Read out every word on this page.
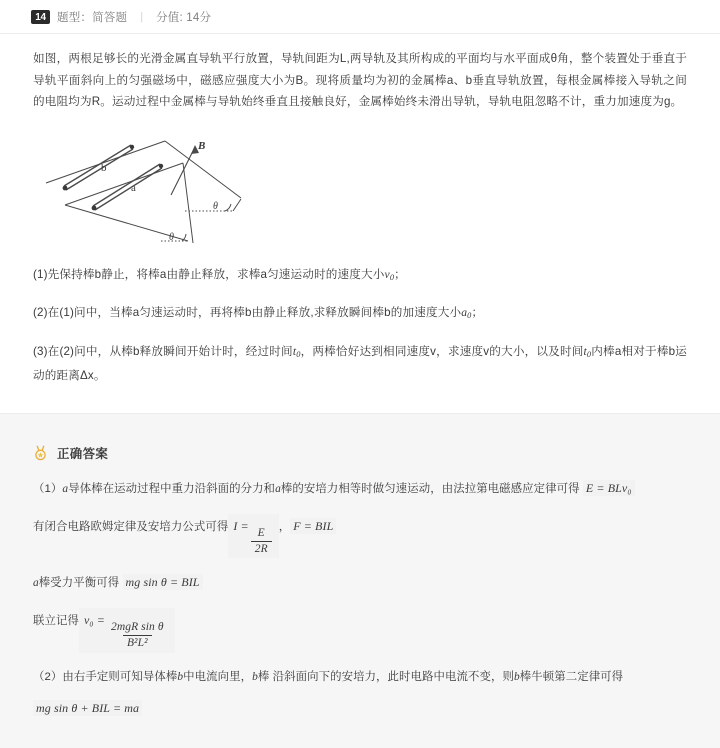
14 题型：简答题 | 分值: 14分
如图，两根足够长的光滑金属直导轨平行放置，导轨间距为L,两导轨及其所构成的平面均与水平面成θ角，整个装置处于垂直于导轨平面斜向上的匀强磁场中，磁感应强度大小为B。现将质量均为初的金属棒a、b垂直导轨放置，每根金属棒接入导轨之间的电阻均为R。运动过程中金属棒与导轨始终垂直且接触良好，金属棒始终未滑出导轨，导轨电阻忽略不计，重力加速度为g。
b
a
B
θ
θ
(1)先保持棒b静止，将棒a由静止释放，求棒a匀速运动时的速度大小$v_0$；
(2)在(1)问中，当棒a匀速运动时，再将棒b由静止释放,求释放瞬间棒b的加速度大小$a_0$；
(3)在(2)问中，从棒b释放瞬间开始计时，经过时间$t_0$，两棒恰好达到相同速度v，求速度v的大小，以及时间$t_0$内棒a相对于棒b运动的距离Δx。
正确答案
（1）a导体棒在运动过程中重力沿斜面的分力和a棒的安培力相等时做匀速运动，由法拉第电磁感应定律可得 E = BLv₀
有闭合电路欧姆定律及安培力公式可得 I =
$\frac{E}{2R}$ ， F = BIL
a棒受力平衡可得 mg sin θ = BIL
联立记得 v₀ =
$\frac{\text{2mgR sin θ}}{\text{B²L²}}$
（2）由右手定则可知导体棒b中电流向里，b棒 沿斜面向下的安培力，此时电路中电流不变，则b棒牛顿第二定律可得
mg sin θ + BIL = ma
